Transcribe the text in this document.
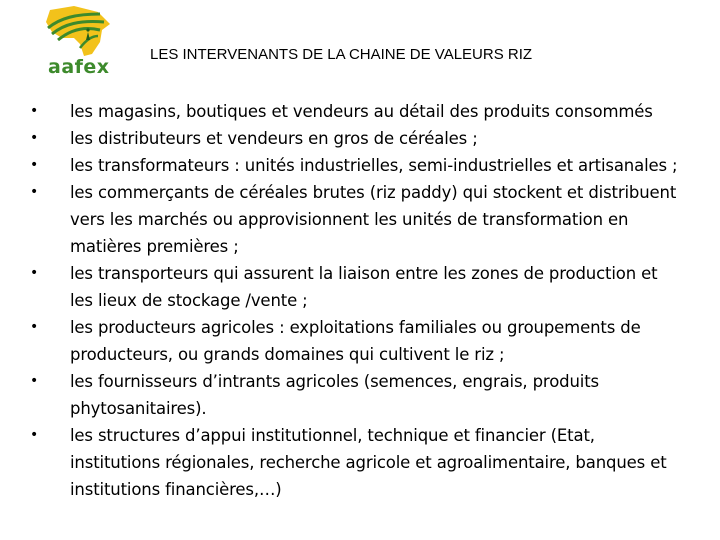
aafex
LES INTERVENANTS DE LA CHAINE DE VALEURS RIZ
• les magasins, boutiques et vendeurs au détail des produits consommés
• les distributeurs et vendeurs en gros de céréales ;
• les transformateurs : unités industrielles, semi-industrielles et artisanales ;
• les commerçants de céréales brutes (riz paddy) qui stockent et distribuent vers les marchés ou approvisionnent les unités de transformation en matières premières ;
• les transporteurs qui assurent la liaison entre les zones de production et les lieux de stockage /vente ;
• les producteurs agricoles : exploitations familiales ou groupements de producteurs, ou grands domaines qui cultivent le riz ;
• les fournisseurs d’intrants agricoles (semences, engrais, produits phytosanitaires).
• les structures d’appui institutionnel, technique et financier (Etat, institutions régionales, recherche agricole et agroalimentaire, banques et institutions financières,…)
